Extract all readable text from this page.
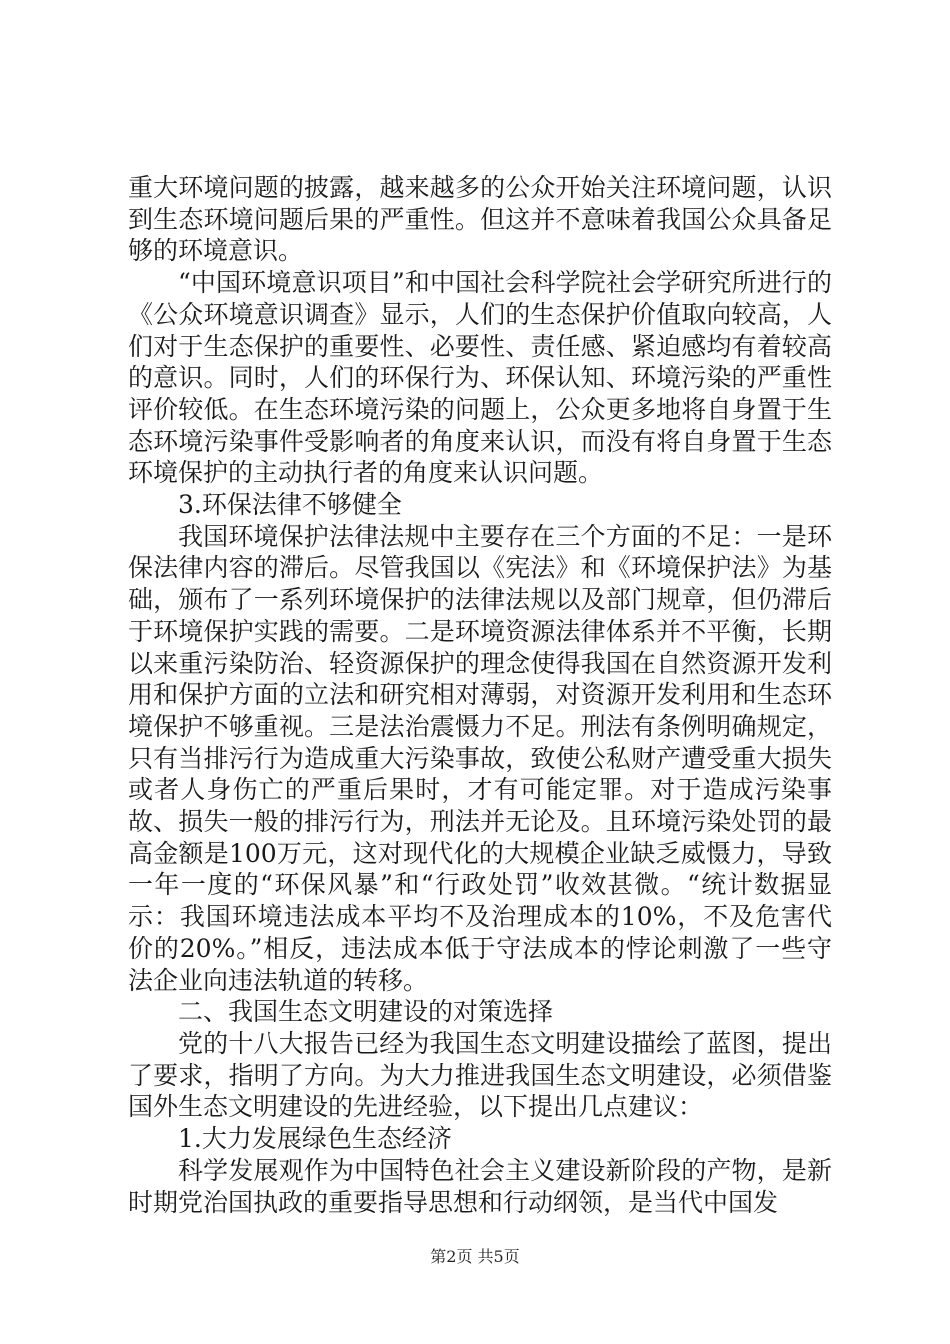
重大环境问题的披露，越来越多的公众开始关注环境问题，认识到生态环境问题后果的严重性。但这并不意味着我国公众具备足够的环境意识。

“中国环境意识项目”和中国社会科学院社会学研究所进行的《公众环境意识调查》显示，人们的生态保护价值取向较高，人们对于生态保护的重要性、必要性、责任感、紧迫感均有着较高的意识。同时，人们的环保行为、环保认知、环境污染的严重性评价较低。在生态环境污染的问题上，公众更多地将自身置于生态环境污染事件受影响者的角度来认识，而没有将自身置于生态环境保护的主动执行者的角度来认识问题。

3.环保法律不够健全

我国环境保护法律法规中主要存在三个方面的不足：一是环保法律内容的滞后。尽管我国以《宪法》和《环境保护法》为基础，颁布了一系列环境保护的法律法规以及部门规章，但仍滞后于环境保护实践的需要。二是环境资源法律体系并不平衡，长期以来重污染防治、轻资源保护的理念使得我国在自然资源开发利用和保护方面的立法和研究相对薄弱，对资源开发利用和生态环境保护不够重视。三是法治震慑力不足。刑法有条例明确规定，只有当排污行为造成重大污染事故，致使公私财产遭受重大损失或者人身伤亡的严重后果时，才有可能定罪。对于造成污染事故、损失一般的排污行为，刑法并无论及。且环境污染处罚的最高金额是100万元，这对现代化的大规模企业缺乏威慑力，导致一年一度的“环保风暴”和“行政处罚”收效甚微。“统计数据显示：我国环境违法成本平均不及治理成本的10%，不及危害代价的20%。”相反，违法成本低于守法成本的悖论刺激了一些守法企业向违法轨道的转移。

二、我国生态文明建设的对策选择

党的十八大报告已经为我国生态文明建设描绘了蓝图，提出了要求，指明了方向。为大力推进我国生态文明建设，必须借鉴国外生态文明建设的先进经验，以下提出几点建议：

1.大力发展绿色生态经济

科学发展观作为中国特色社会主义建设新阶段的产物，是新时期党治国执政的重要指导思想和行动纲领，是当代中国发

第2页 共5页
